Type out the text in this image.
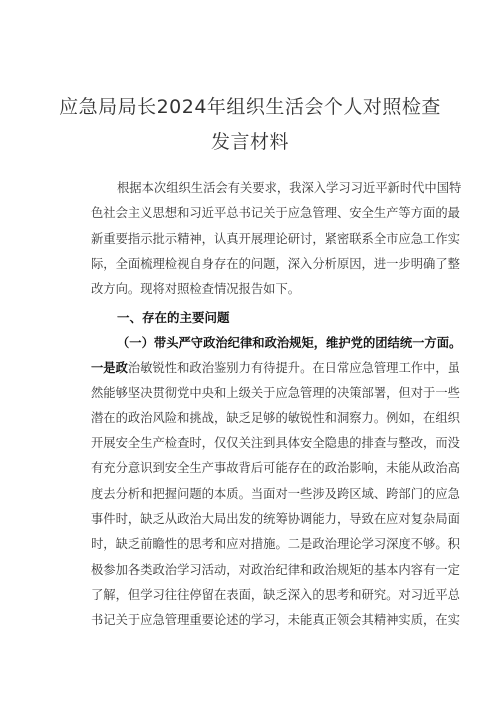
应急局局长2024年组织生活会个人对照检查
发言材料
根据本次组织生活会有关要求，我深入学习习近平新时代中国特
色社会主义思想和习近平总书记关于应急管理、安全生产等方面的最
新重要指示批示精神，认真开展理论研讨，紧密联系全市应急工作实
际，全面梳理检视自身存在的问题，深入分析原因，进一步明确了整
改方向。现将对照检查情况报告如下。
一、存在的主要问题
（一）带头严守政治纪律和政治规矩，维护党的团结统一方面。
一是政治敏锐性和政治鉴别力有待提升。在日常应急管理工作中，虽
然能够坚决贯彻党中央和上级关于应急管理的决策部署，但对于一些
潜在的政治风险和挑战，缺乏足够的敏锐性和洞察力。例如，在组织
开展安全生产检查时，仅仅关注到具体安全隐患的排查与整改，而没
有充分意识到安全生产事故背后可能存在的政治影响，未能从政治高
度去分析和把握问题的本质。当面对一些涉及跨区域、跨部门的应急
事件时，缺乏从政治大局出发的统筹协调能力，导致在应对复杂局面
时，缺乏前瞻性的思考和应对措施。二是政治理论学习深度不够。积
极参加各类政治学习活动，对政治纪律和政治规矩的基本内容有一定
了解，但学习往往停留在表面，缺乏深入的思考和研究。对习近平总
书记关于应急管理重要论述的学习，未能真正领会其精神实质，在实
